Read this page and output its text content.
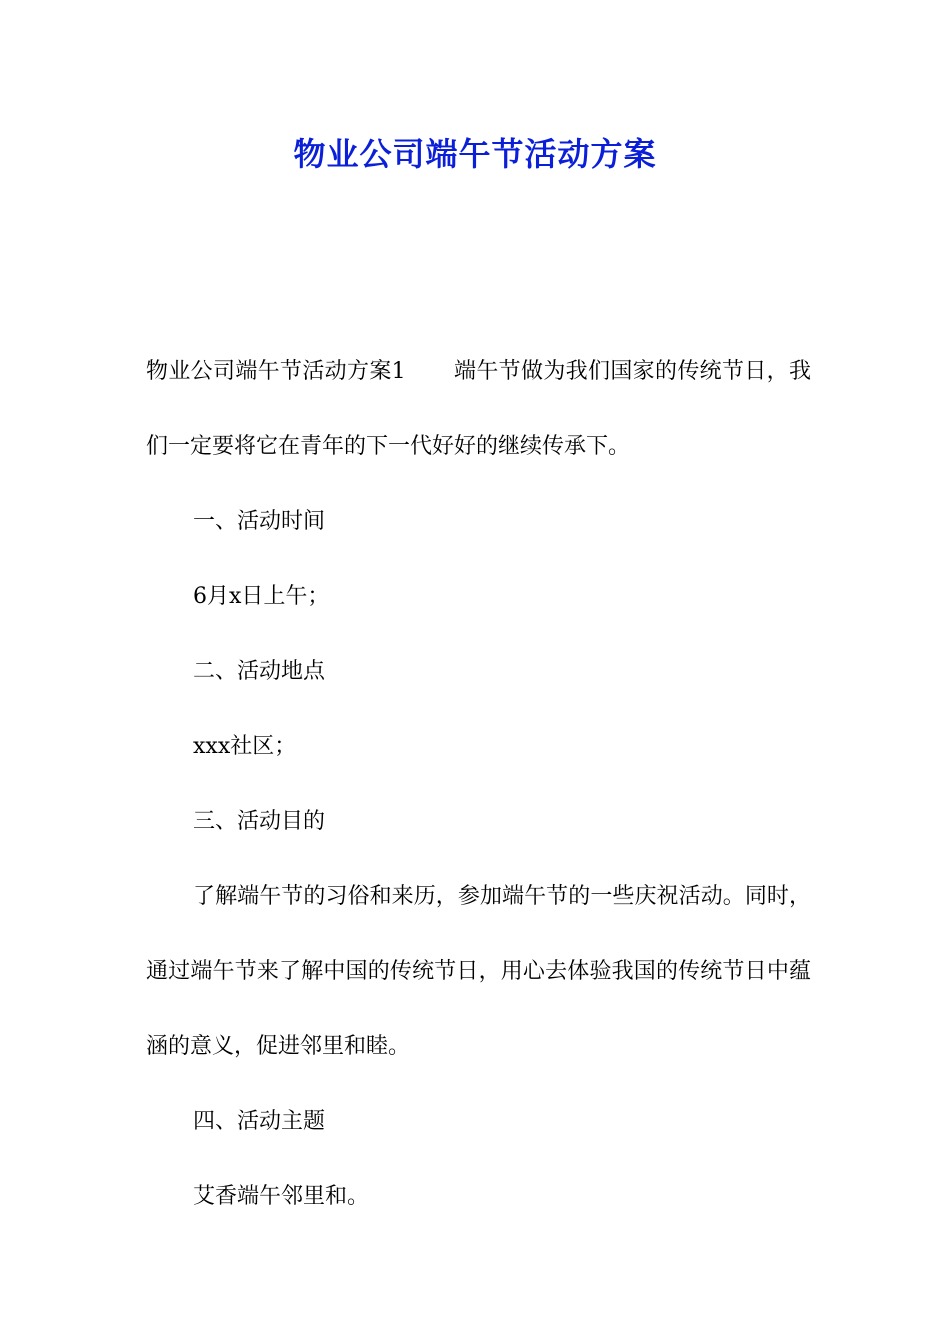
物业公司端午节活动方案

物业公司端午节活动方案1 端午节做为我们国家的传统节日，我们一定要将它在青年的下一代好好的继续传承下。

一、活动时间

6月x日上午；

二、活动地点

xxx社区；

三、活动目的

了解端午节的习俗和来历，参加端午节的一些庆祝活动。同时，通过端午节来了解中国的传统节日，用心去体验我国的传统节日中蕴涵的意义，促进邻里和睦。

四、活动主题

艾香端午邻里和。
